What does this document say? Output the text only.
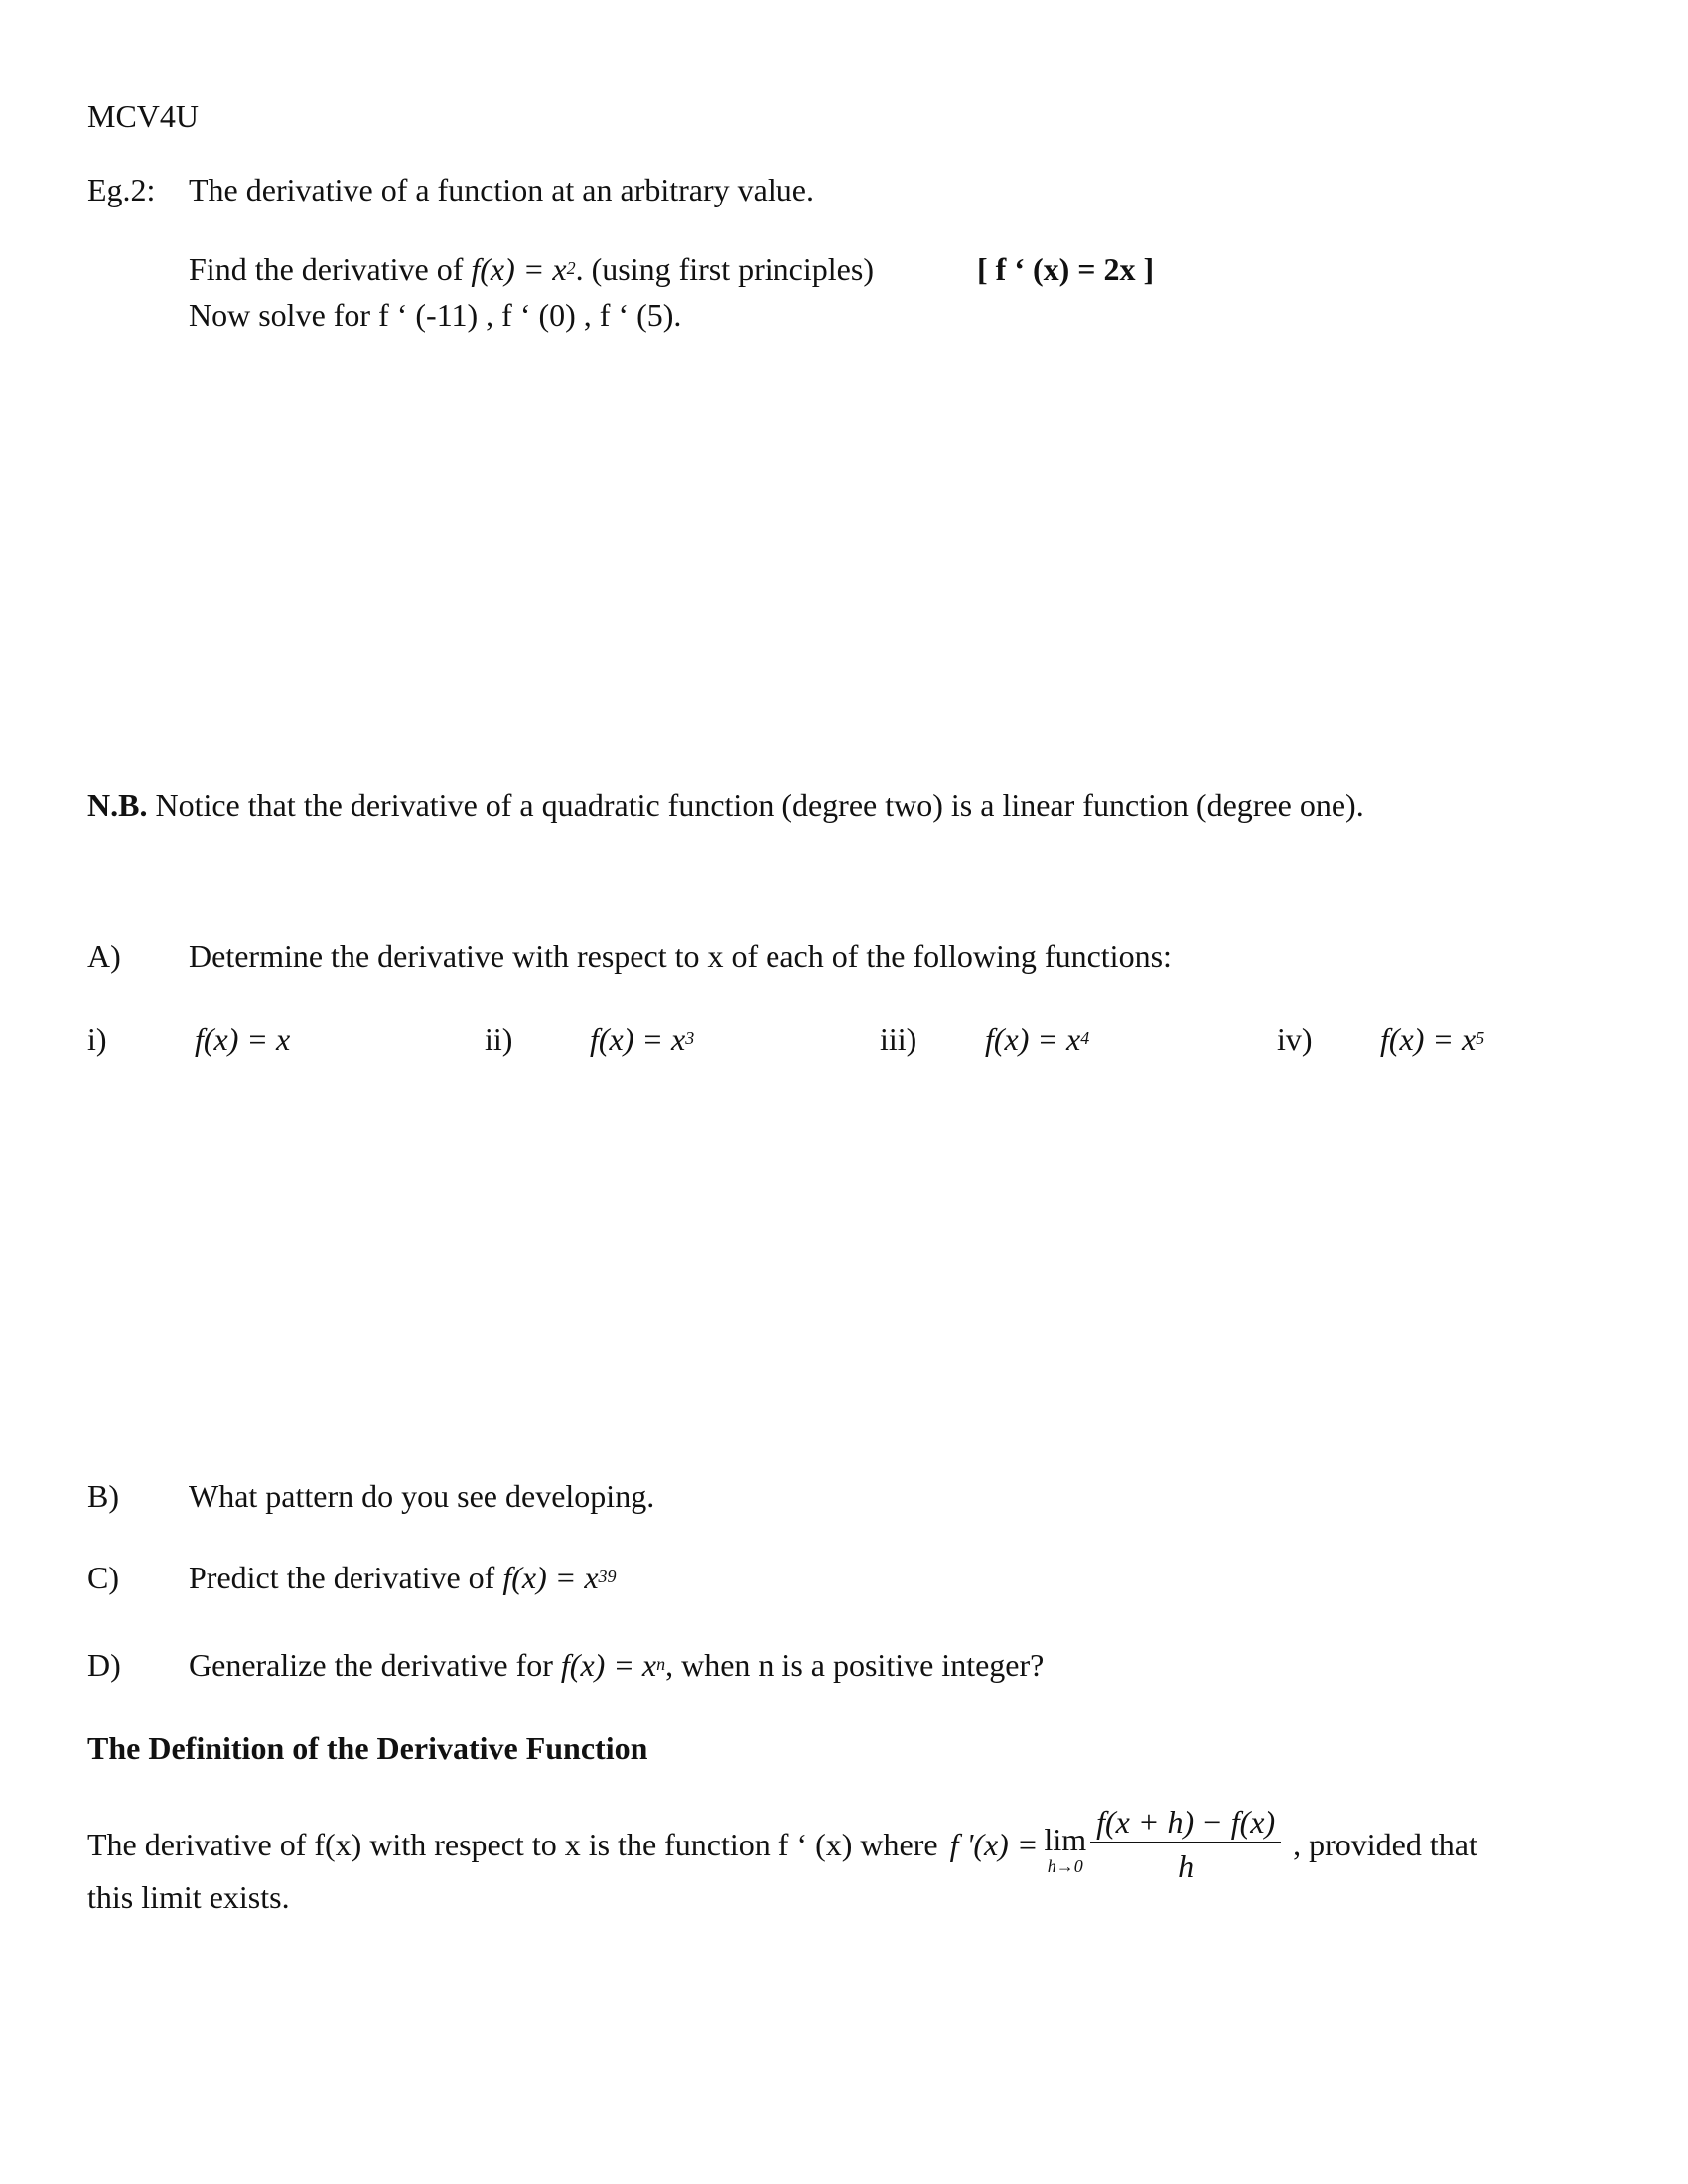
MCV4U
Eg.2: The derivative of a function at an arbitrary value.
Find the derivative of $f(x) = x^2$. (using first principles)	[ f ‘ (x) = 2x ]
Now solve for f ‘ (-11) , f ‘ (0) , f ‘ (5).
N.B. Notice that the derivative of a quadratic function (degree two) is a linear function (degree one).
A) Determine the derivative with respect to x of each of the following functions:
i)	f(x) = x	ii) $f(x) = x^3$	iii) $f(x) = x^4$	iv) $f(x) = x^5$
B) What pattern do you see developing.
C) Predict the derivative of $f(x) = x^{39}$
D) Generalize the derivative for $f(x) = x^n$, when n is a positive integer?
The Definition of the Derivative Function
The derivative of f(x) with respect to x is the function f ‘ (x) where f '(x) = lim
$h\to 0 \frac{f(x + h) - f(x)}{h}$ , provided that
this limit exists.
